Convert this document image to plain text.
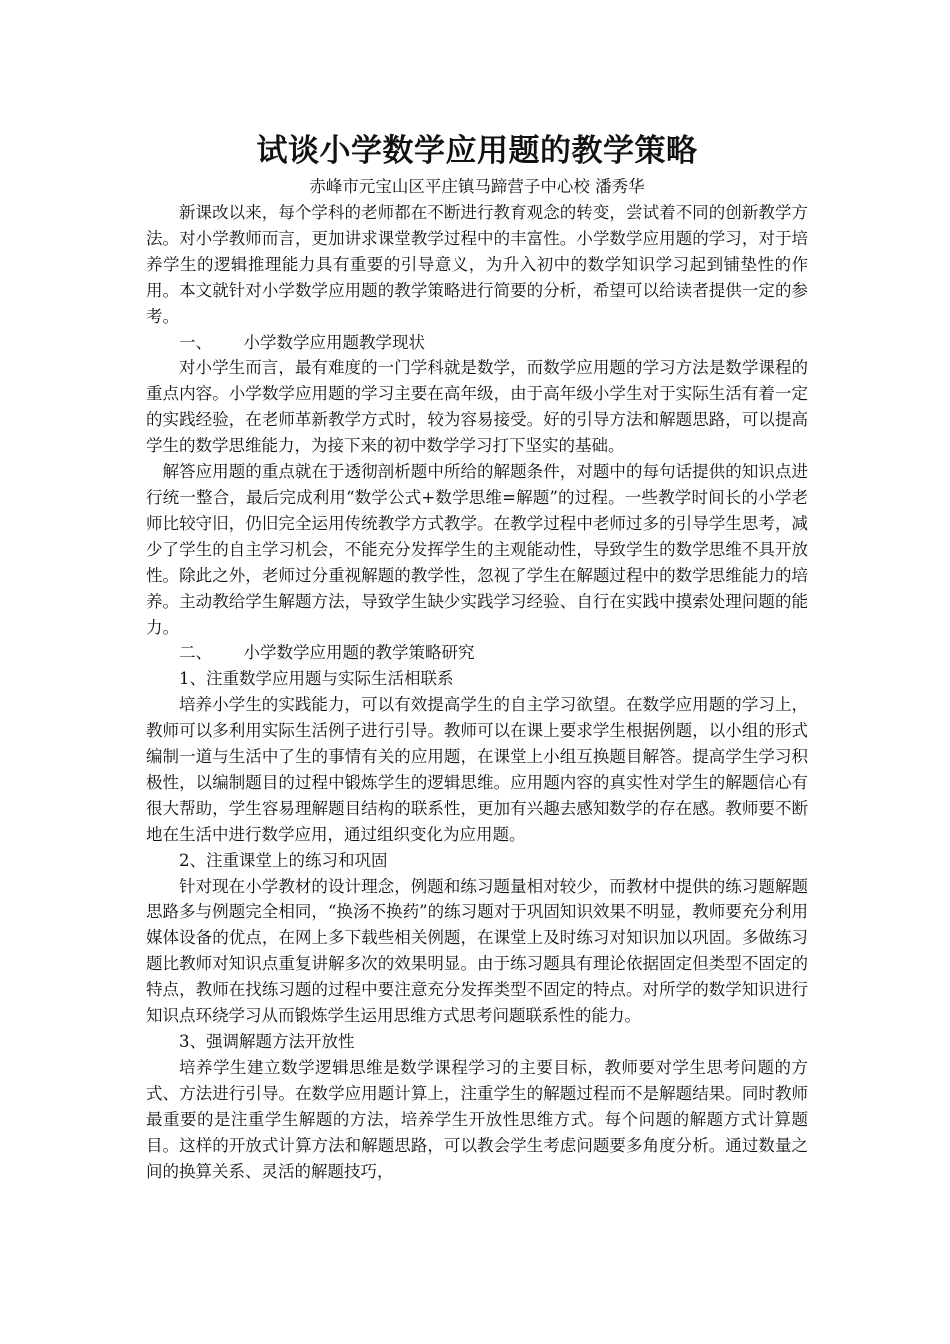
试谈小学数学应用题的教学策略

赤峰市元宝山区平庄镇马蹄营子中心校 潘秀华

新课改以来，每个学科的老师都在不断进行教育观念的转变，尝试着不同的创新教学方法。对小学教师而言，更加讲求课堂教学过程中的丰富性。小学数学应用题的学习，对于培养学生的逻辑推理能力具有重要的引导意义，为升入初中的数学知识学习起到铺垫性的作用。本文就针对小学数学应用题的教学策略进行简要的分析，希望可以给读者提供一定的参考。

一、      小学数学应用题教学现状

对小学生而言，最有难度的一门学科就是数学，而数学应用题的学习方法是数学课程的重点内容。小学数学应用题的学习主要在高年级，由于高年级小学生对于实际生活有着一定的实践经验，在老师革新教学方式时，较为容易接受。好的引导方法和解题思路，可以提高学生的数学思维能力，为接下来的初中数学学习打下坚实的基础。

解答应用题的重点就在于透彻剖析题中所给的解题条件，对题中的每句话提供的知识点进行统一整合，最后完成利用“数学公式+数学思维=解题”的过程。一些教学时间长的小学老师比较守旧，仍旧完全运用传统教学方式教学。在教学过程中老师过多的引导学生思考，减少了学生的自主学习机会，不能充分发挥学生的主观能动性，导致学生的数学思维不具开放性。除此之外，老师过分重视解题的教学性，忽视了学生在解题过程中的数学思维能力的培养。主动教给学生解题方法，导致学生缺少实践学习经验、自行在实践中摸索处理问题的能力。

二、      小学数学应用题的教学策略研究

1、注重数学应用题与实际生活相联系

培养小学生的实践能力，可以有效提高学生的自主学习欲望。在数学应用题的学习上，教师可以多利用实际生活例子进行引导。教师可以在课上要求学生根据例题，以小组的形式编制一道与生活中了生的事情有关的应用题，在课堂上小组互换题目解答。提高学生学习积极性，以编制题目的过程中锻炼学生的逻辑思维。应用题内容的真实性对学生的解题信心有很大帮助，学生容易理解题目结构的联系性，更加有兴趣去感知数学的存在感。教师要不断地在生活中进行数学应用，通过组织变化为应用题。

2、注重课堂上的练习和巩固

针对现在小学教材的设计理念，例题和练习题量相对较少，而教材中提供的练习题解题思路多与例题完全相同，“换汤不换药”的练习题对于巩固知识效果不明显，教师要充分利用媒体设备的优点，在网上多下载些相关例题，在课堂上及时练习对知识加以巩固。多做练习题比教师对知识点重复讲解多次的效果明显。由于练习题具有理论依据固定但类型不固定的特点，教师在找练习题的过程中要注意充分发挥类型不固定的特点。对所学的数学知识进行知识点环绕学习从而锻炼学生运用思维方式思考问题联系性的能力。

3、强调解题方法开放性

培养学生建立数学逻辑思维是数学课程学习的主要目标，教师要对学生思考问题的方式、方法进行引导。在数学应用题计算上，注重学生的解题过程而不是解题结果。同时教师最重要的是注重学生解题的方法，培养学生开放性思维方式。每个问题的解题方式计算题目。这样的开放式计算方法和解题思路，可以教会学生考虑问题要多角度分析。通过数量之间的换算关系、灵活的解题技巧，
